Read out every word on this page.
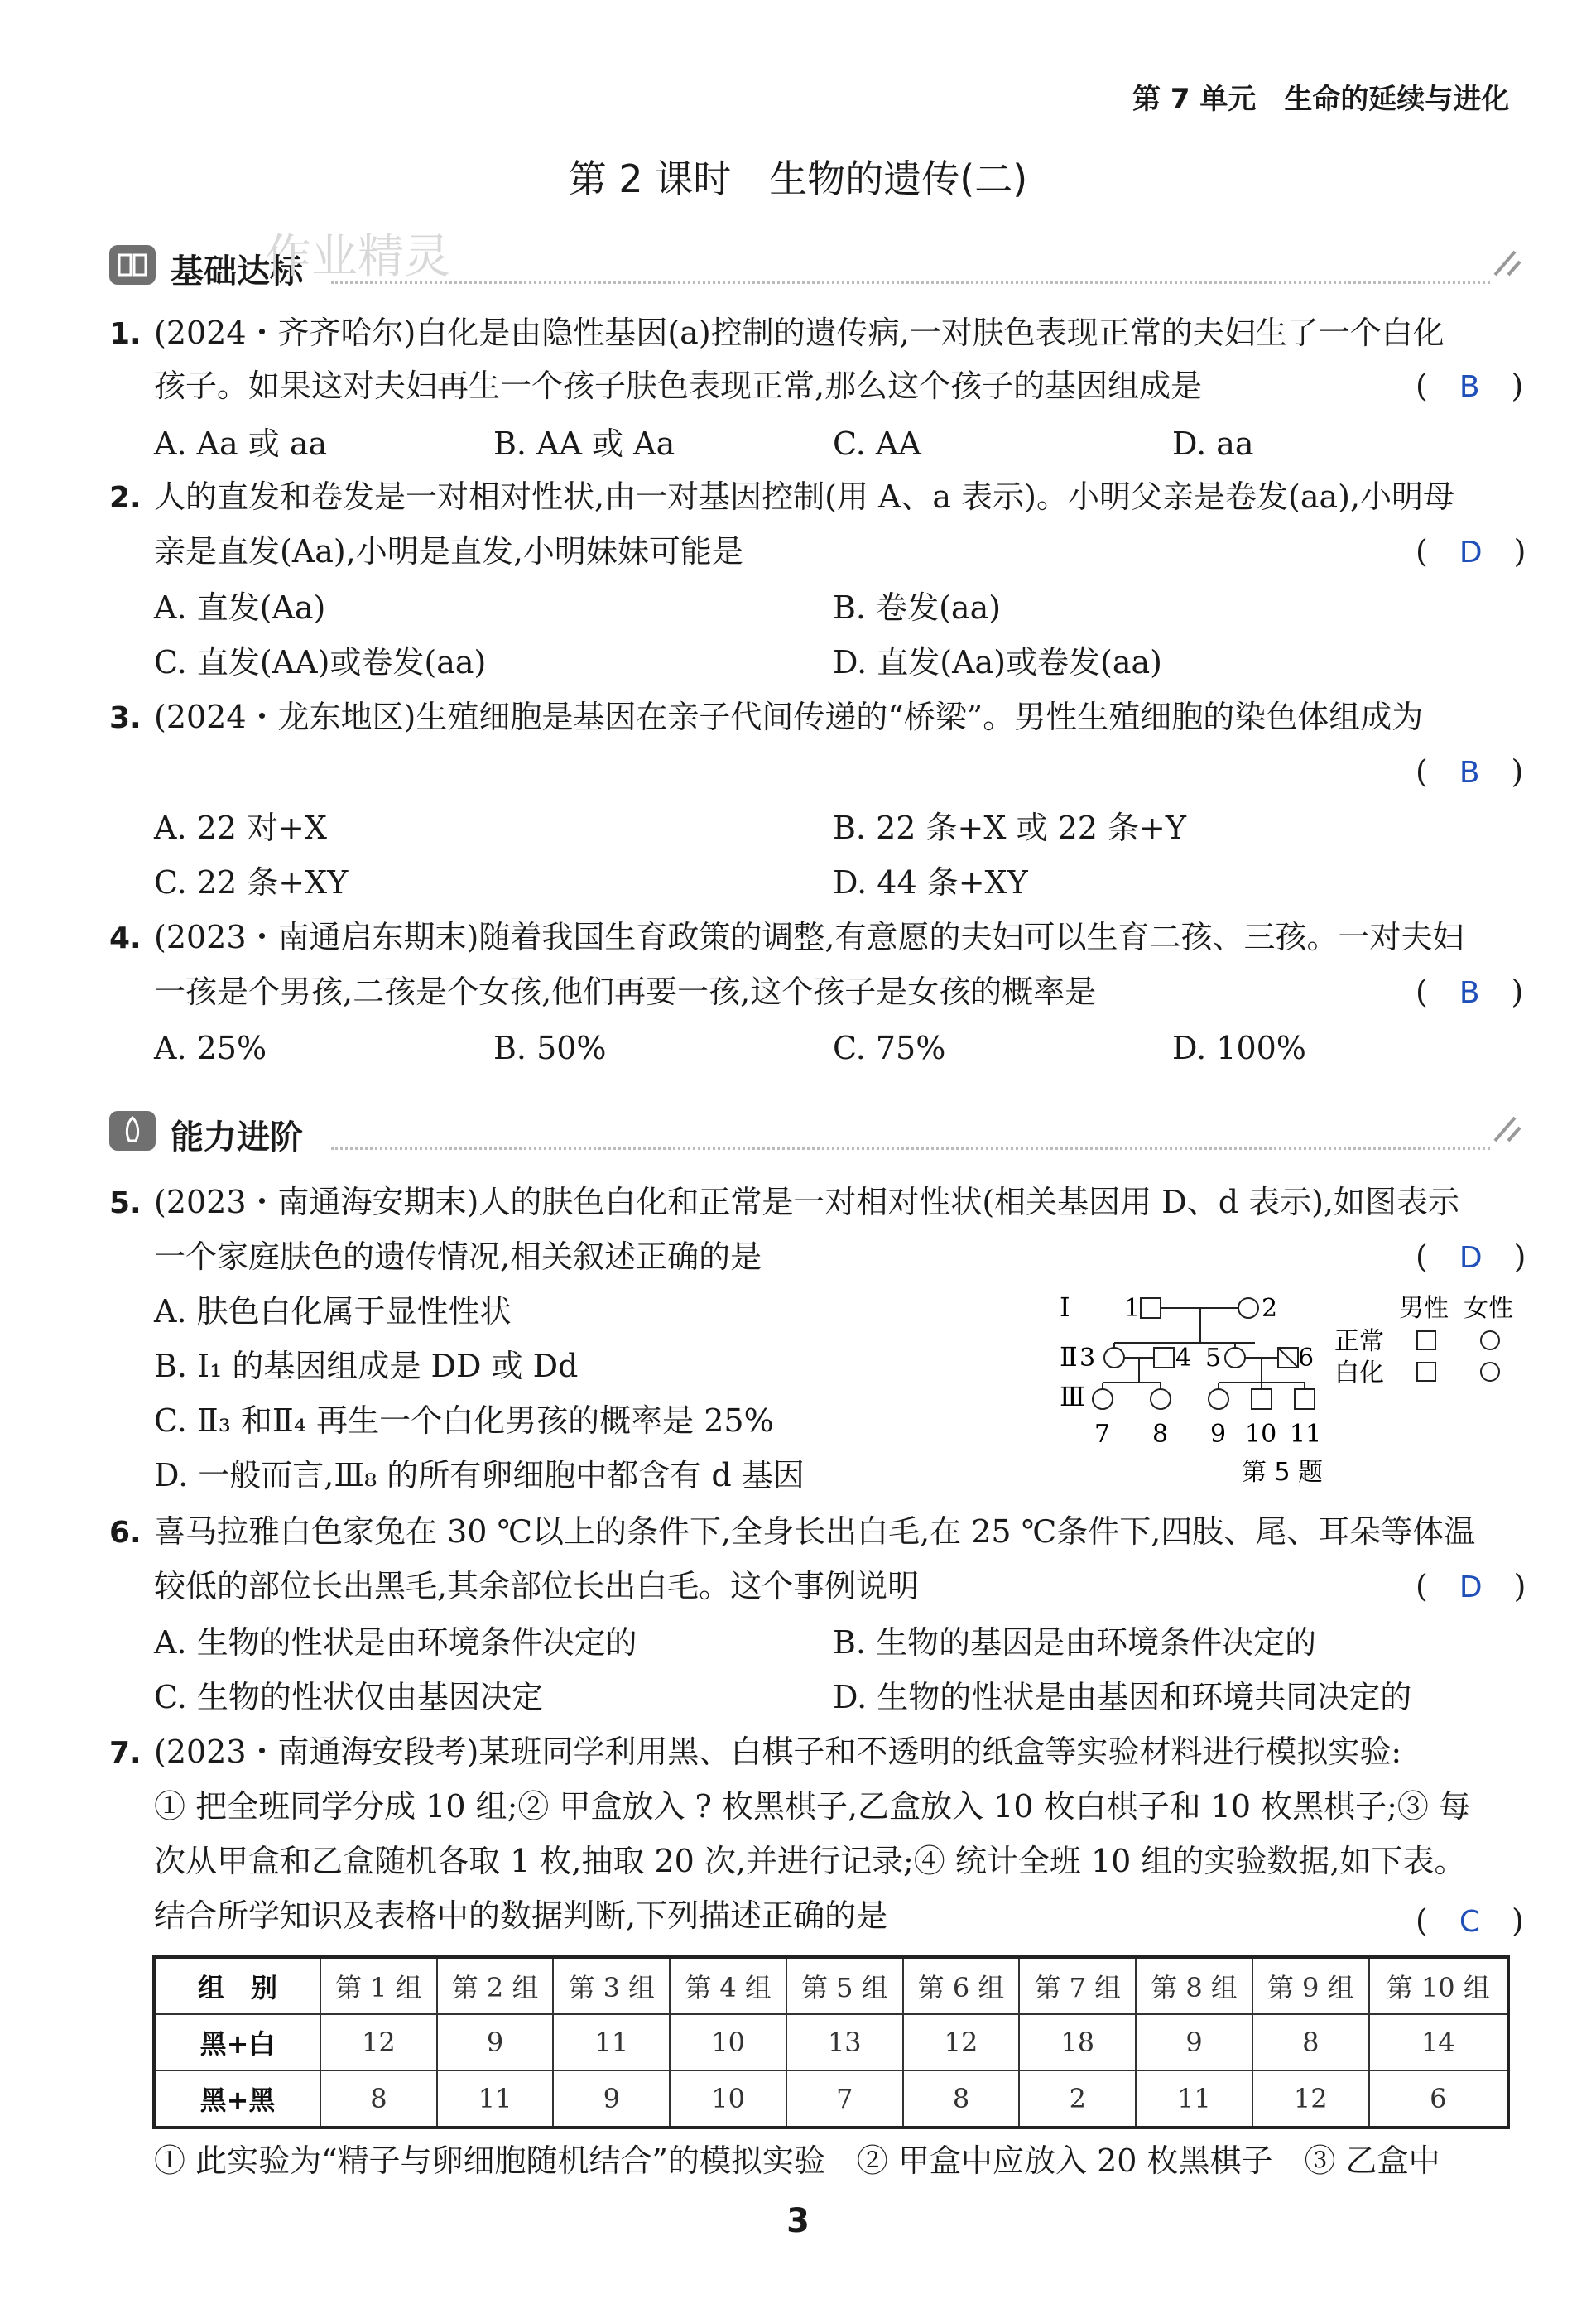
第 7 单元　生命的延续与进化
第 2 课时　生物的遗传(二)
基础达标
作业精灵
1. (2024・齐齐哈尔)白化是由隐性基因(a)控制的遗传病,一对肤色表现正常的夫妇生了一个白化
孩子。如果这对夫妇再生一个孩子肤色表现正常,那么这个孩子的基因组成是	(　B　)
A. Aa 或 aa	B. AA 或 Aa	C. AA	D. aa
2. 人的直发和卷发是一对相对性状,由一对基因控制(用 A、a 表示)。小明父亲是卷发(aa),小明母
亲是直发(Aa),小明是直发,小明妹妹可能是	(　D　)
A. 直发(Aa)	B. 卷发(aa)
C. 直发(AA)或卷发(aa)	D. 直发(Aa)或卷发(aa)
3. (2024・龙东地区)生殖细胞是基因在亲子代间传递的“桥梁”。男性生殖细胞的染色体组成为
(　B　)
A. 22 对+X	B. 22 条+X 或 22 条+Y
C. 22 条+XY	D. 44 条+XY
4. (2023・南通启东期末)随着我国生育政策的调整,有意愿的夫妇可以生育二孩、三孩。一对夫妇
一孩是个男孩,二孩是个女孩,他们再要一孩,这个孩子是女孩的概率是	(　B　)
A. 25%	B. 50%	C. 75%	D. 100%
能力进阶
5. (2023・南通海安期末)人的肤色白化和正常是一对相对性状(相关基因用 D、d 表示),如图表示
一个家庭肤色的遗传情况,相关叙述正确的是	(　D　)
A. 肤色白化属于显性性状
B. Ⅰ₁ 的基因组成是 DD 或 Dd
C. Ⅱ₃ 和Ⅱ₄ 再生一个白化男孩的概率是 25%
D. 一般而言,Ⅲ₈ 的所有卵细胞中都含有 d 基因
Ⅰ
Ⅱ
Ⅲ
1	2
3	4 5	6
7 8 9 10 11
男性 女性
正常
白化
第 5 题
6. 喜马拉雅白色家兔在 30 ℃以上的条件下,全身长出白毛,在 25 ℃条件下,四肢、尾、耳朵等体温
较低的部位长出黑毛,其余部位长出白毛。这个事例说明	(　D　)
A. 生物的性状是由环境条件决定的	B. 生物的基因是由环境条件决定的
C. 生物的性状仅由基因决定	D. 生物的性状是由基因和环境共同决定的
7. (2023・南通海安段考)某班同学利用黑、白棋子和不透明的纸盒等实验材料进行模拟实验:
① 把全班同学分成 10 组;② 甲盒放入 ? 枚黑棋子,乙盒放入 10 枚白棋子和 10 枚黑棋子;③ 每
次从甲盒和乙盒随机各取 1 枚,抽取 20 次,并进行记录;④ 统计全班 10 组的实验数据,如下表。
结合所学知识及表格中的数据判断,下列描述正确的是	(　C　)
组　别	第 1 组	第 2 组	第 3 组	第 4 组	第 5 组	第 6 组	第 7 组	第 8 组	第 9 组	第 10 组
黑+白	12	9	11	10	13	12	18	9	8	14
黑+黑	8	11	9	10	7	8	2	11	12	6
① 此实验为“精子与卵细胞随机结合”的模拟实验　② 甲盒中应放入 20 枚黑棋子　③ 乙盒中
3
